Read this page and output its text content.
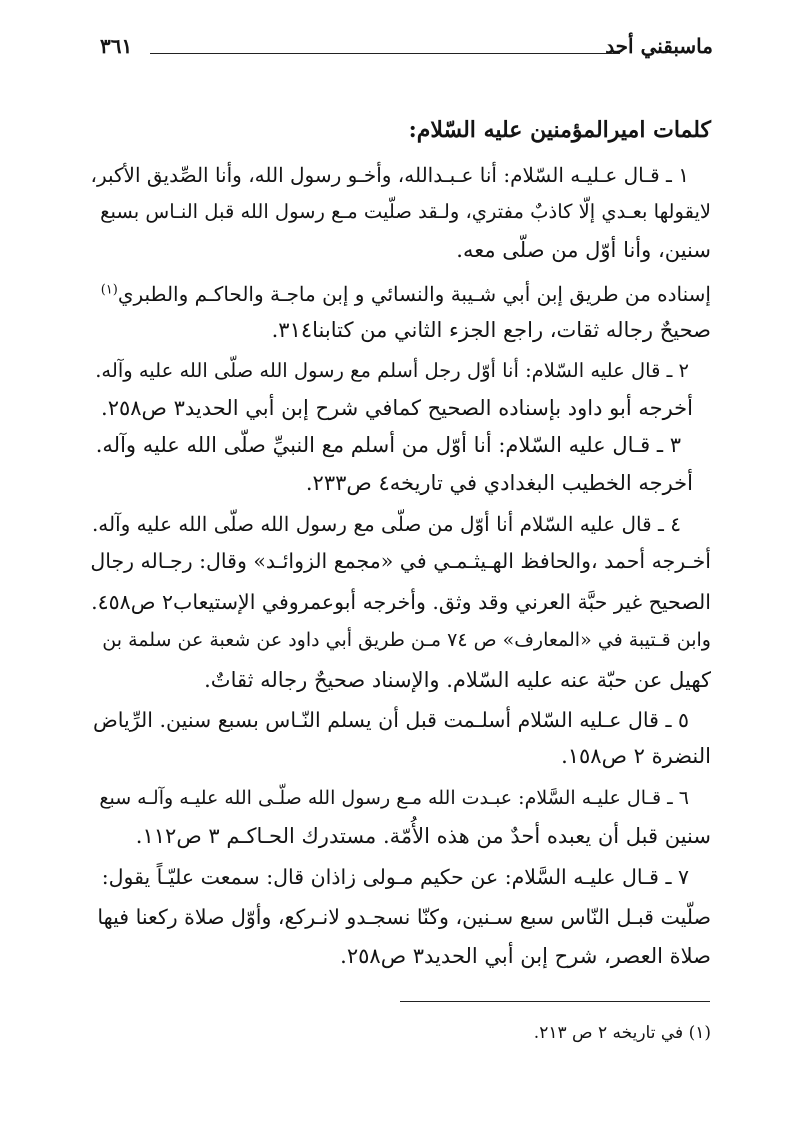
ماسبقني أحد
٣٦١
كلمات اميرالمؤمنين عليه السّلام:
١ ـ قـال عـليـه السّلام: أنا عـبـدالله، وأخـو رسول الله، وأنا الصِّديق الأكبر،
لايقولها بعـدي إلّا كاذبٌ مفتري، ولـقد صلّيت مـع رسول الله قبل النـاس بسبع
سنين، وأنا أوّل من صلّى معه.
إسناده من طريق إبن أبي شـيبة والنسائي و إبن ماجـة والحاكـم والطبري$^{(١)}$
صحيحٌ رجاله ثقات، راجع الجزء الثاني من كتابنا٣١٤.
٢ ـ قال عليه السّلام: أنا أوّل رجل أسلم مع رسول الله صلّى الله عليه وآله.
أخرجه أبو داود بإسناده الصحيح كمافي شرح إبن أبي الحديد٣ ص٢٥٨.
٣ ـ قـال عليه السّلام: أنا أوّل من أسلم مع النبيِّ صلّى الله عليه وآله.
أخرجه الخطيب البغدادي في تاريخه٤ ص٢٣٣.
٤ ـ قال عليه السّلام أنا أوّل من صلّى مع رسول الله صلّى الله عليه وآله.
أخـرجه أحمد ،والحافظ الهـيثـمـي في «مجمع الزوائـد» وقال: رجـاله رجال
الصحيح غير حبَّة العرني وقد وثق. وأخرجه أبوعمروفي الإستيعاب٢ ص٤٥٨.
وابن قـتيبة في «المعارف» ص ٧٤ مـن طريق أبي داود عن شعبة عن سلمة بن
كهيل عن حبّة عنه عليه السّلام. والإسناد صحيحٌ رجاله ثقاتٌ.
٥ ـ قال عـليه السّلام أسلـمت قبل أن يسلم النّـاس بسبع سنين. الرِّياض
النضرة ٢ ص١٥٨.
٦ ـ قـال عليـه السَّلام: عبـدت الله مـع رسول الله صلّـى الله عليـه وآلـه سبع
سنين قبل أن يعبده أحدٌ من هذه الأُمّة. مستدرك الحـاكـم ٣ ص١١٢.
٧ ـ قـال عليـه السَّلام: عن حكيم مـولى زاذان قال: سمعت عليّـاً يقول:
صلّيت قبـل النّاس سبع سـنين، وكنّا نسجـدو لانـركع، وأوّل صلاة ركعنا فيها
صلاة العصر، شرح إبن أبي الحديد٣ ص٢٥٨.
(١) في تاريخه ٢ ص ٢١٣.
